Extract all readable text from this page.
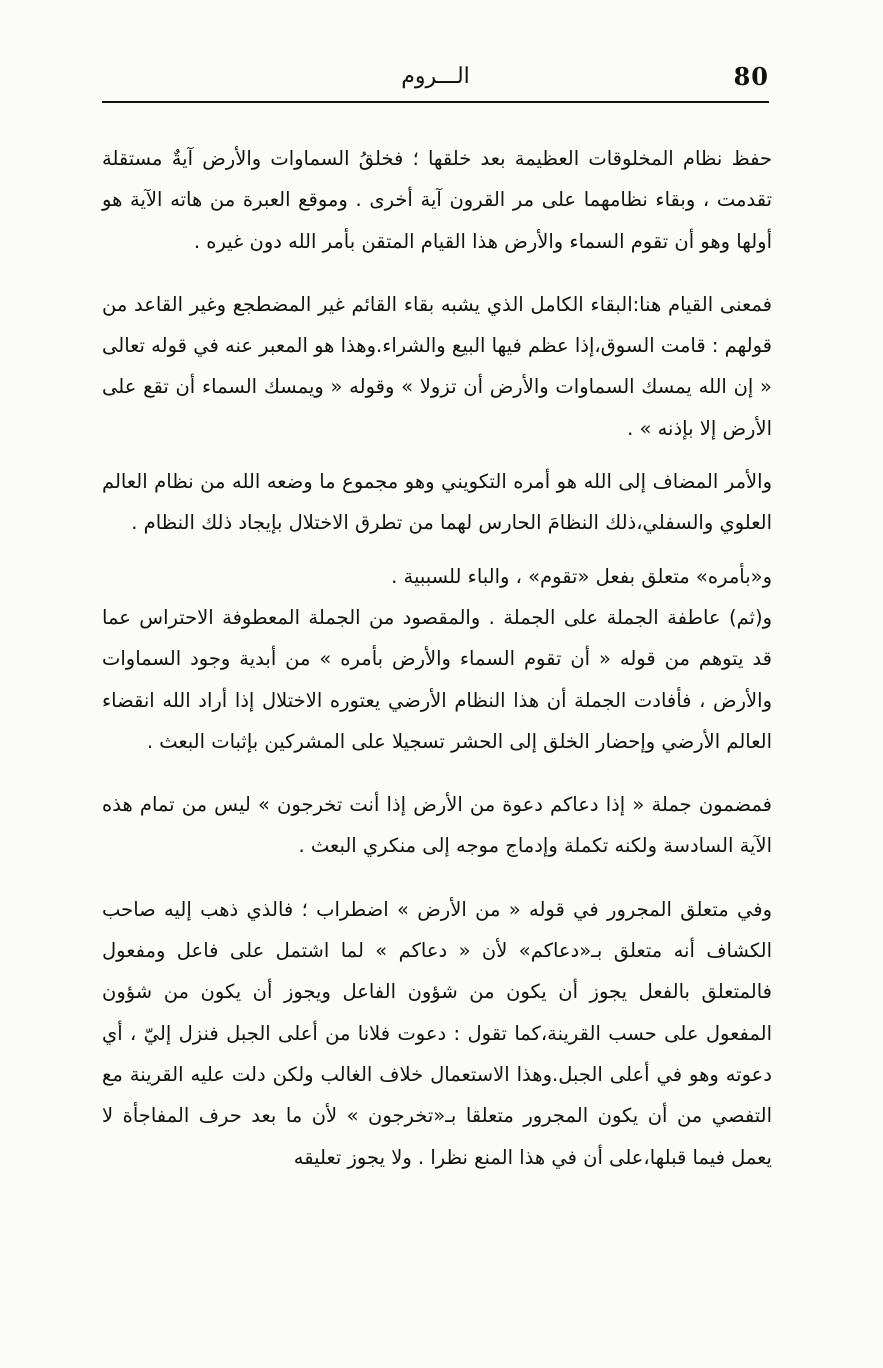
80
الـــروم

حفظ نظام المخلوقات العظيمة بعد خلقها ؛ فخلقُ السماوات والأرض آيةٌ مستقلة تقدمت ، وبقاء نظامهما على مر القرون آية أخرى . وموقع العبرة من هاته الآية هو أولها وهو أن تقوم السماء والأرض هذا القيام المتقن بأمر الله دون غيره .

فمعنى القيام هنا:البقاء الكامل الذي يشبه بقاء القائم غير المضطجع وغير القاعد من قولهم : قامت السوق،إذا عظم فيها البيع والشراء.وهذا هو المعبر عنه في قوله تعالى « إن الله يمسك السماوات والأرض أن تزولا » وقوله « ويمسك السماء أن تقع على الأرض إلا بإذنه » .

والأمر المضاف إلى الله هو أمره التكويني وهو مجموع ما وضعه الله من نظام العالم العلوي والسفلي،ذلك النظامَ الحارس لهما من تطرق الاختلال بإيجاد ذلك النظام .

و«بأمره» متعلق بفعل «تقوم» ، والباء للسببية .

و(ثم) عاطفة الجملة على الجملة . والمقصود من الجملة المعطوفة الاحتراس عما قد يتوهم من قوله « أن تقوم السماء والأرض بأمره » من أبدية وجود السماوات والأرض ، فأفادت الجملة أن هذا النظام الأرضي يعتوره الاختلال إذا أراد الله انقضاء العالم الأرضي وإحضار الخلق إلى الحشر تسجيلا على المشركين بإثبات البعث .

فمضمون جملة « إذا دعاكم دعوة من الأرض إذا أنت تخرجون » ليس من تمام هذه الآية السادسة ولكنه تكملة وإدماج موجه إلى منكري البعث .

وفي متعلق المجرور في قوله « من الأرض » اضطراب ؛ فالذي ذهب إليه صاحب الكشاف أنه متعلق بـ«دعاكم» لأن « دعاكم » لما اشتمل على فاعل ومفعول فالمتعلق بالفعل يجوز أن يكون من شؤون الفاعل ويجوز أن يكون من شؤون المفعول على حسب القرينة،كما تقول : دعوت فلانا من أعلى الجبل فنزل إليّ ، أي دعوته وهو في أعلى الجبل.وهذا الاستعمال خلاف الغالب ولكن دلت عليه القرينة مع التفصي من أن يكون المجرور متعلقا بـ«تخرجون » لأن ما بعد حرف المفاجأة لا يعمل فيما قبلها،على أن في هذا المنع نظرا . ولا يجوز تعليقه
